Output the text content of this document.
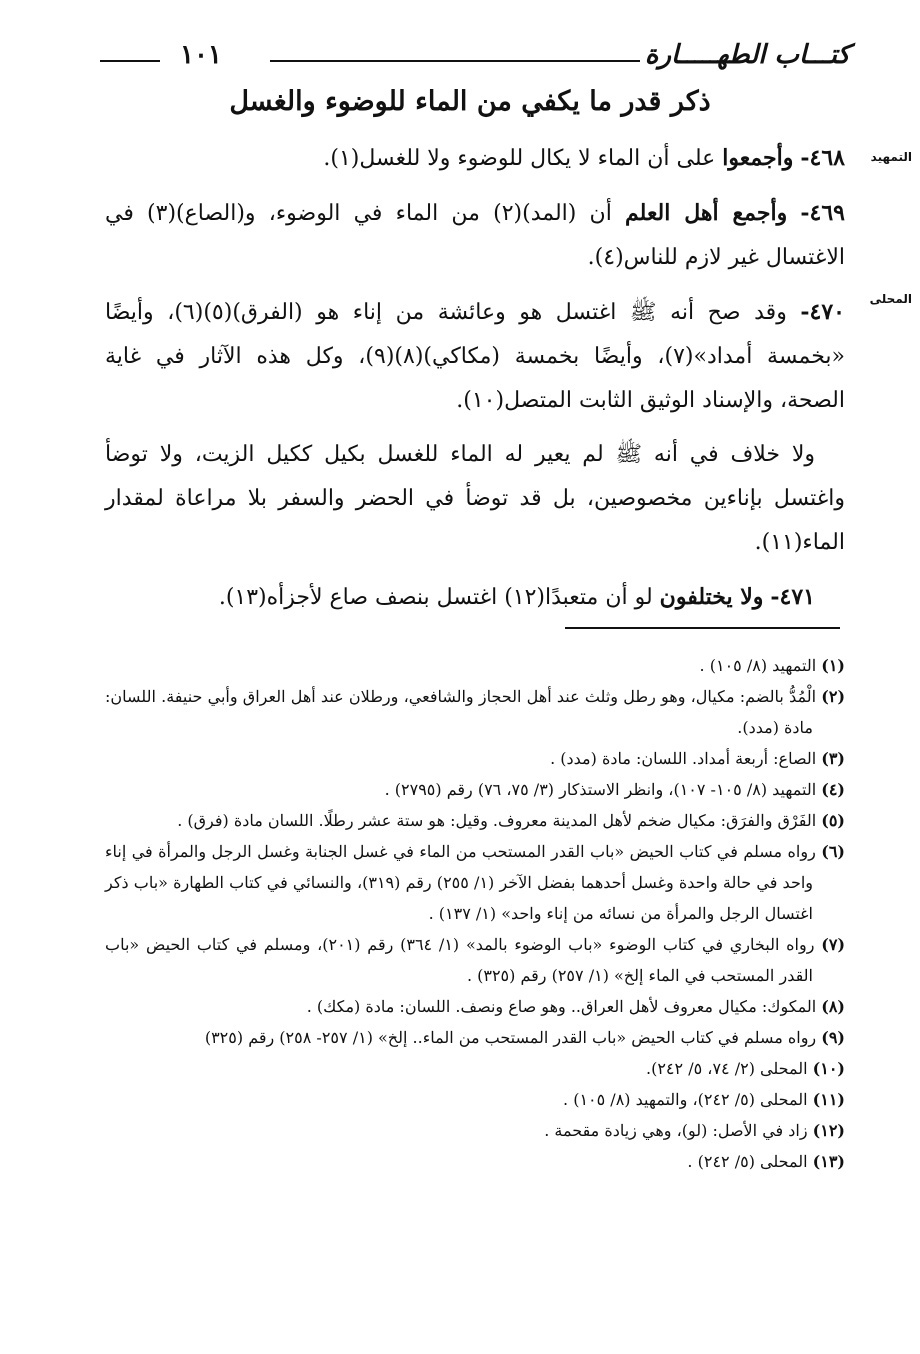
كتـــاب الطهـــــارة
١٠١
ذكر قدر ما يكفي من الماء للوضوء والغسل
التمهيد
المحلى

٤٦٨- وأجمعوا على أن الماء لا يكال للوضوء ولا للغسل(١).

٤٦٩- وأجمع أهل العلم أن (المد)(٢) من الماء في الوضوء، و(الصاع)(٣) في الاغتسال غير لازم للناس(٤).

٤٧٠- وقد صح أنه ﷺ اغتسل هو وعائشة من إناء هو (الفرق)(٥)(٦)، وأيضًا «بخمسة أمداد»(٧)، وأيضًا بخمسة (مكاكي)(٨)(٩)، وكل هذه الآثار في غاية الصحة، والإسناد الوثيق الثابت المتصل(١٠).

ولا خلاف في أنه ﷺ لم يعير له الماء للغسل بكيل ككيل الزيت، ولا توضأ واغتسل بإناءين مخصوصين، بل قد توضأ في الحضر والسفر بلا مراعاة لمقدار الماء(١١).

٤٧١- ولا يختلفون لو أن متعبدًا(١٢) اغتسل بنصف صاع لأجزأه(١٣).

(١) التمهيد (٨/ ١٠٥) .

(٢) الْمُدُّ بالضم: مكيال، وهو رطل وثلث عند أهل الحجاز والشافعي، ورطلان عند أهل العراق وأبي حنيفة. اللسان: مادة (مدد).

(٣) الصاع: أربعة أمداد. اللسان: مادة (مدد) .

(٤) التمهيد (٨/ ١٠٥- ١٠٧)، وانظر الاستذكار (٣/ ٧٥، ٧٦) رقم (٢٧٩٥) .

(٥) الفَرْق والفرَق: مكيال ضخم لأهل المدينة معروف. وقيل: هو ستة عشر رطلًا. اللسان مادة (فرق) .

(٦) رواه مسلم في كتاب الحيض «باب القدر المستحب من الماء في غسل الجنابة وغسل الرجل والمرأة في إناء واحد في حالة واحدة وغسل أحدهما بفضل الآخر (١/ ٢٥٥) رقم (٣١٩)، والنسائي في كتاب الطهارة «باب ذكر اغتسال الرجل والمرأة من نسائه من إناء واحد» (١/ ١٣٧) .

(٧) رواه البخاري في كتاب الوضوء «باب الوضوء بالمد» (١/ ٣٦٤) رقم (٢٠١)، ومسلم في كتاب الحيض «باب القدر المستحب في الماء إلخ» (١/ ٢٥٧) رقم (٣٢٥) .

(٨) المكوك: مكيال معروف لأهل العراق.. وهو صاع ونصف. اللسان: مادة (مكك) .

(٩) رواه مسلم في كتاب الحيض «باب القدر المستحب من الماء.. إلخ» (١/ ٢٥٧- ٢٥٨) رقم (٣٢٥)

(١٠) المحلى (٢/ ٧٤، ٥/ ٢٤٢).

(١١) المحلى (٥/ ٢٤٢)، والتمهيد (٨/ ١٠٥) .

(١٢) زاد في الأصل: (لو)، وهي زيادة مقحمة .

(١٣) المحلى (٥/ ٢٤٢) .
